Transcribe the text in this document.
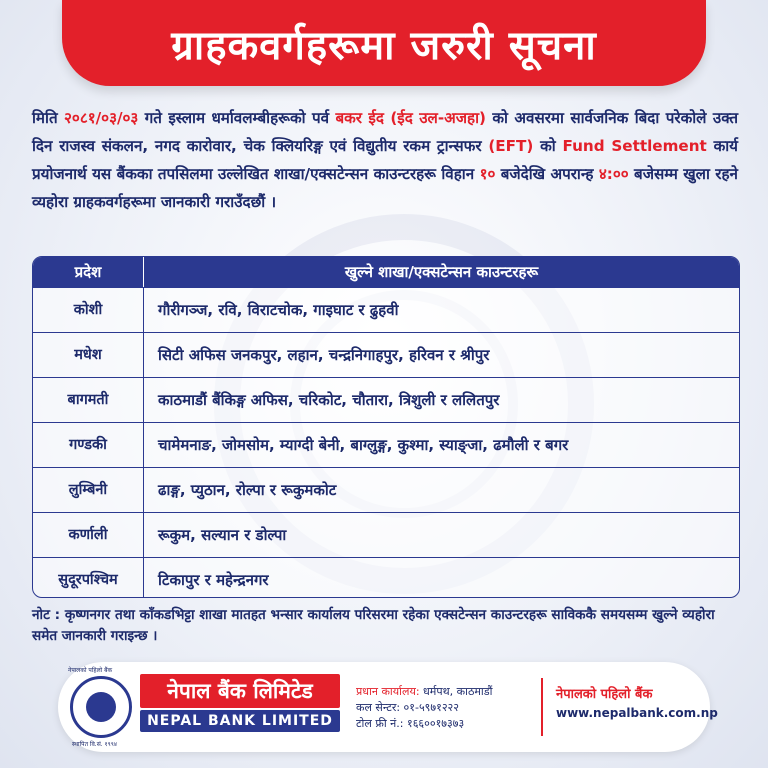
ग्राहकवर्गहरूमा जरुरी सूचना
मिति २०८१/०३/०३ गते इस्लाम धर्मावलम्बीहरूको पर्व बकर ईद (ईद उल-अजहा) को अवसरमा सार्वजनिक बिदा परेकोले उक्त दिन राजस्व संकलन, नगद कारोवार, चेक क्लियरिङ्ग एवं विद्युतीय रकम ट्रान्सफर (EFT) को Fund Settlement कार्य प्रयोजनार्थ यस बैंकका तपसिलमा उल्लेखित शाखा/एक्सटेन्सन काउन्टरहरू विहान १० बजेदेखि अपरान्ह ४:०० बजेसम्म खुला रहने व्यहोरा ग्राहकवर्गहरूमा जानकारी गराउँदछौं ।
प्रदेश	खुल्ने शाखा/एक्सटेन्सन काउन्टरहरू
कोशी	गौरीगञ्ज, रवि, विराटचोक, गाइघाट र ढुहवी
मधेश	सिटी अफिस जनकपुर, लहान, चन्द्रनिगाहपुर, हरिवन र श्रीपुर
बागमती	काठमाडौं बैंकिङ्ग अफिस, चरिकोट, चौतारा, त्रिशुली र ललितपुर
गण्डकी	चामेमनाङ, जोमसोम, म्याग्दी बेनी, बाग्लुङ्ग, कुश्मा, स्याङ्जा, ढमौली र बगर
लुम्बिनी	ढाङ्ग, प्युठान, रोल्पा र रूकुमकोट
कर्णाली	रूकुम, सल्यान र डोल्पा
सुदूरपश्चिम	टिकापुर र महेन्द्रनगर
नोट : कृष्णनगर तथा काँकडभिट्टा शाखा मातहत भन्सार कार्यालय परिसरमा रहेका एक्सटेन्सन काउन्टरहरू साविककै समयसम्म खुल्ने व्यहोरा समेत जानकारी गराइन्छ ।
नेपालको पहिलो बैंक
स्थापित वि.सं. १९९४
नेपाल बैंक लिमिटेड
NEPAL BANK LIMITED
प्रधान कार्यालय: धर्मपथ, काठमाडौं
कल सेन्टर: ०१-५९७१२२२
टोल फ्री नं.: १६६००१७३७३
नेपालको पहिलो बैंक
www.nepalbank.com.np
